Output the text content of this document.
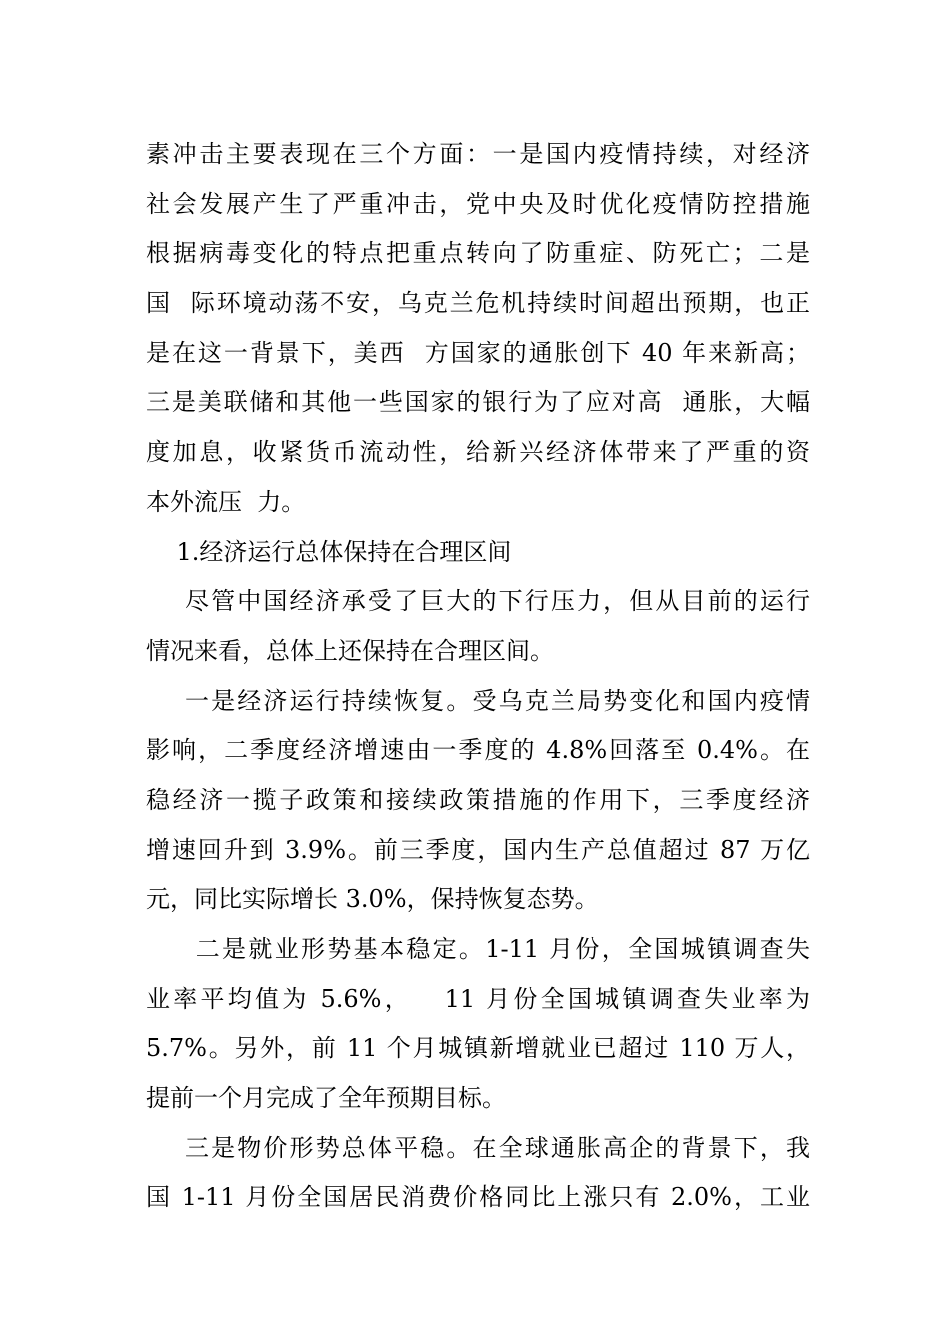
素冲击主要表现在三个方面：一是国内疫情持续，对经济
社会发展产生了严重冲击，党中央及时优化疫情防控措施
根据病毒变化的特点把重点转向了防重症、防死亡；二是
国  际环境动荡不安，乌克兰危机持续时间超出预期，也正
是在这一背景下，美西  方国家的通胀创下 40 年来新高；
三是美联储和其他一些国家的银行为了应对高  通胀，大幅
度加息，收紧货币流动性，给新兴经济体带来了严重的资
本外流压  力。
1.经济运行总体保持在合理区间
尽管中国经济承受了巨大的下行压力，但从目前的运行
情况来看，总体上还保持在合理区间。
一是经济运行持续恢复。受乌克兰局势变化和国内疫情
影响，二季度经济增速由一季度的 4.8%回落至 0.4%。在
稳经济一揽子政策和接续政策措施的作用下，三季度经济
增速回升到 3.9%。前三季度，国内生产总值超过 87 万亿
元，同比实际增长 3.0%，保持恢复态势。
二是就业形势基本稳定。1-11 月份，全国城镇调查失
业率平均值为 5.6%，   11 月份全国城镇调查失业率为
5.7%。另外，前 11 个月城镇新增就业已超过 110 万人，
提前一个月完成了全年预期目标。
三是物价形势总体平稳。在全球通胀高企的背景下，我
国 1-11 月份全国居民消费价格同比上涨只有 2.0%，工业
